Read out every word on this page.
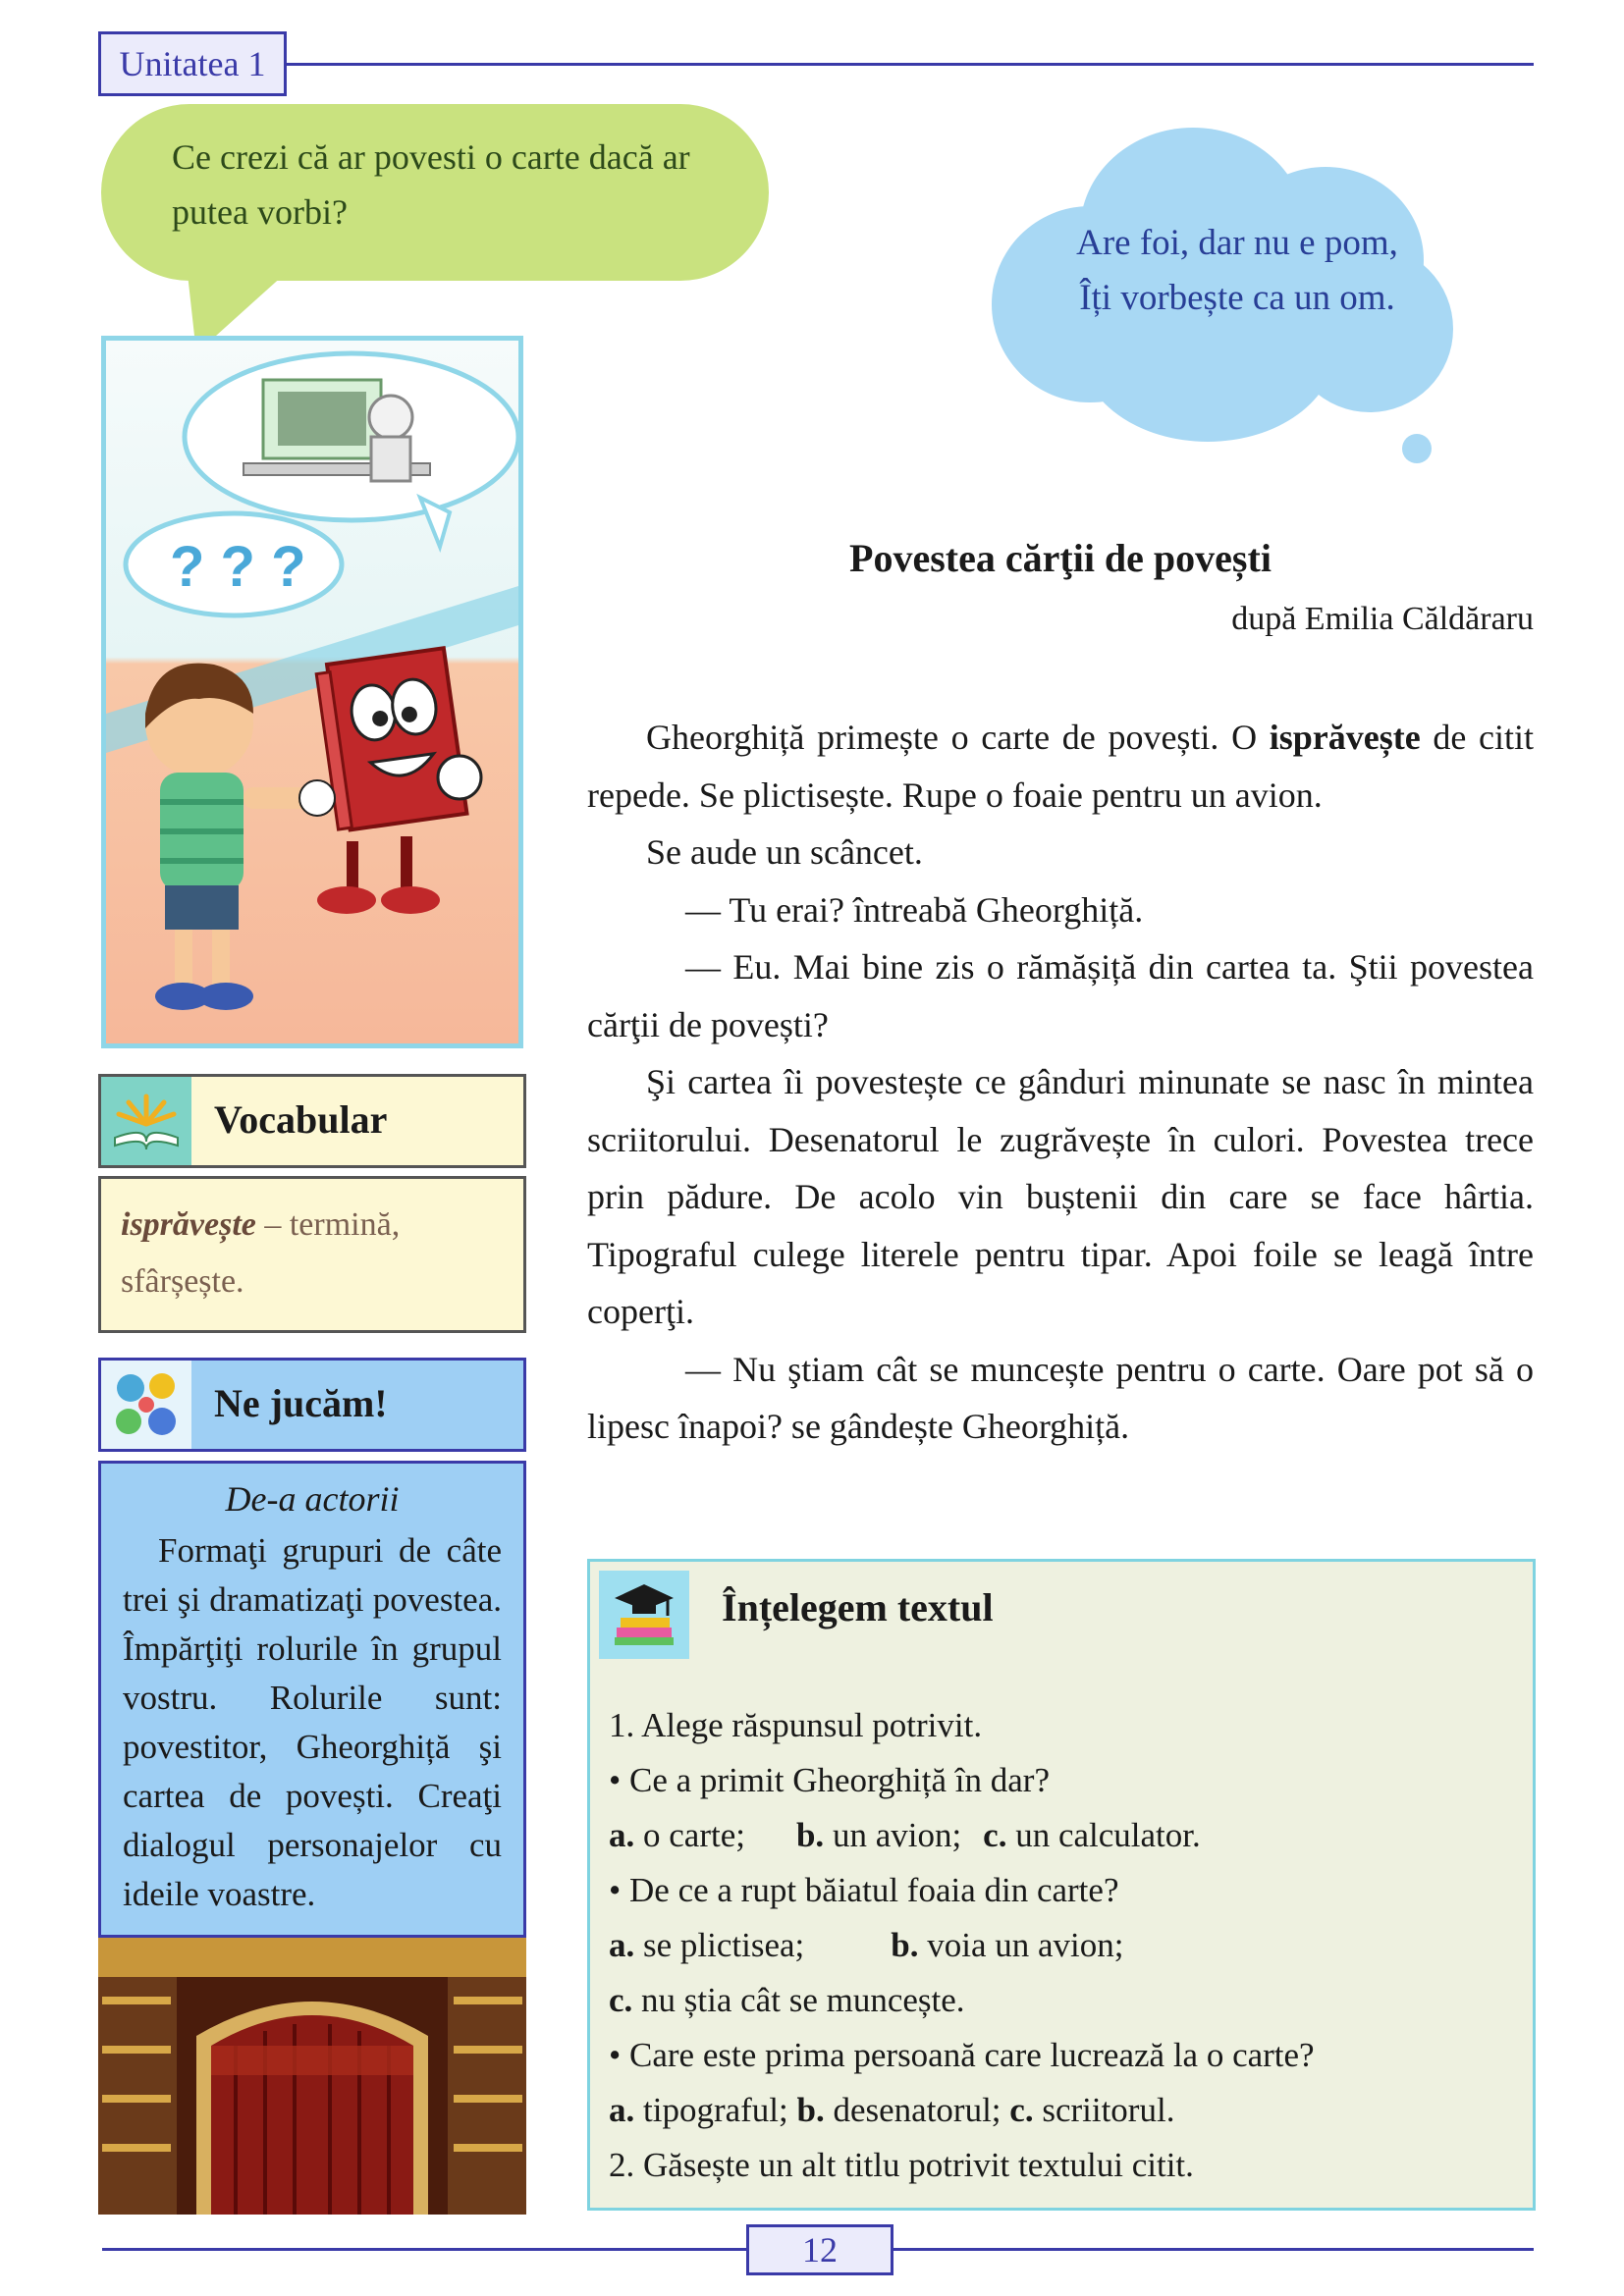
Unitatea 1
Ce crezi că ar povesti o carte dacă ar putea vorbi?
Are foi, dar nu e pom,
Îți vorbește ca un om.
? ? ?
Vocabular
isprăvește – termină, sfârșește.
Ne jucăm!
De-a actorii

Formaţi grupuri de câte trei şi dramatizaţi povestea. Împărţiţi rolurile în grupul vostru. Rolurile sunt: povestitor, Gheorghiță şi cartea de povești. Creaţi dialogul personajelor cu ideile voastre.

Povestea cărţii de povești
după Emilia Căldăraru

Gheorghiță primește o carte de povești. O isprăvește de citit repede. Se plictisește. Rupe o foaie pentru un avion.

Se aude un scâncet.

— Tu erai? întreabă Gheorghiță.

— Eu. Mai bine zis o rămășiță din cartea ta. Ştii povestea cărţii de povești?

Şi cartea îi povestește ce gânduri minunate se nasc în mintea scriitorului. Desenatorul le zugrăvește în culori. Povestea trece prin pădure. De acolo vin buștenii din care se face hârtia. Tipograful culege literele pentru tipar. Apoi foile se leagă între coperţi.

— Nu ştiam cât se muncește pentru o carte. Oare pot să o lipesc înapoi? se gândește Gheorghiță.

Înțelegem textul
1. Alege răspunsul potrivit.
• Ce a primit Gheorghiță în dar?
a. o carte; b. un avion; c. un calculator.
• De ce a rupt băiatul foaia din carte?
a. se plictisea;	b. voia un avion;
c. nu știa cât se muncește.
• Care este prima persoană care lucrează la o carte?
a. tipograful; b. desenatorul; c. scriitorul.
2. Găsește un alt titlu potrivit textului citit.
12
